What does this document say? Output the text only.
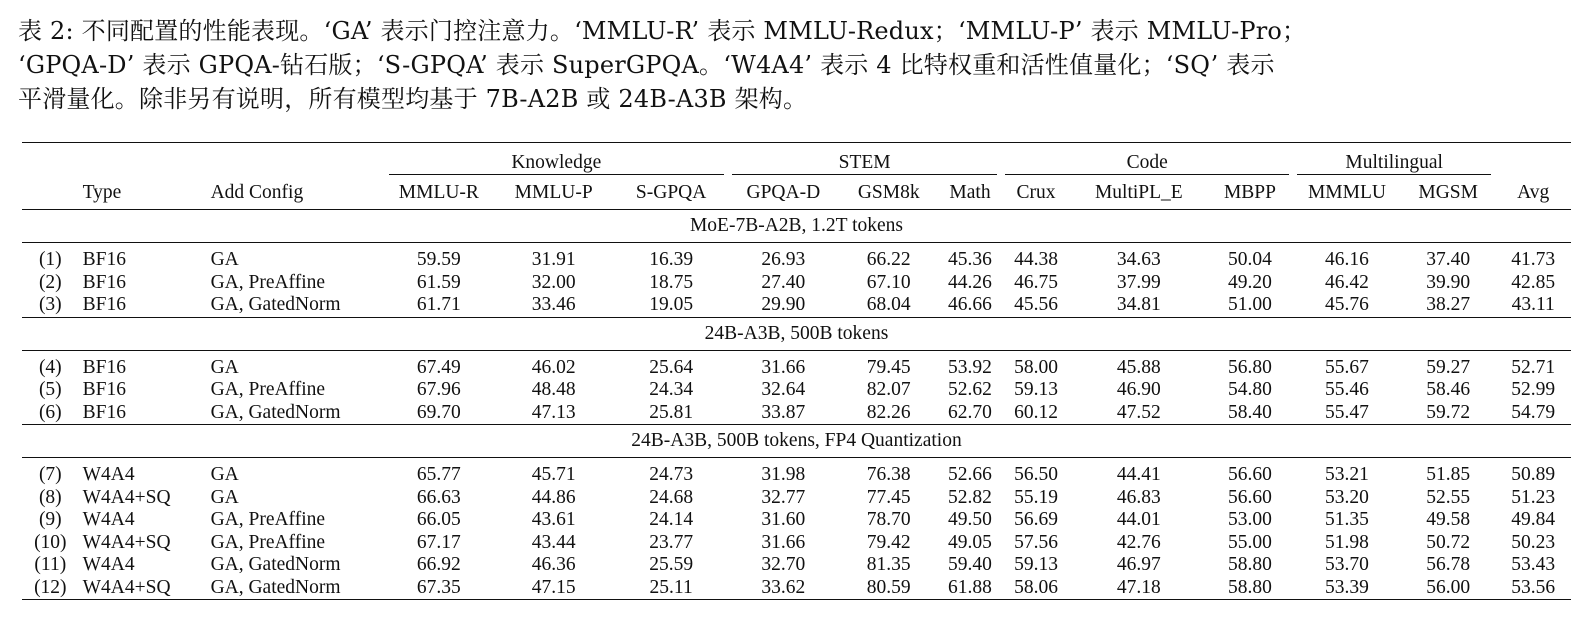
表 2: 不同配置的性能表现。‘GA’ 表示门控注意力。‘MMLU-R’ 表示 MMLU-Redux；‘MMLU-P’ 表示 MMLU-Pro；
‘GPQA-D’ 表示 GPQA-钻石版；‘S-GPQA’ 表示 SuperGPQA。‘W4A4’ 表示 4 比特权重和活性值量化；‘SQ’ 表示
平滑量化。除非另有说明，所有模型均基于 7B-A2B 或 24B-A3B 架构。

			Knowledge			STEM			Code			Multilingual		

	Type	Add Config	MMLU-R	MMLU-P	S-GPQA	GPQA-D	GSM8k	Math	Crux	MultiPL_E	MBPP	MMMLU	MGSM	Avg
MoE-7B-A2B, 1.2T tokens														
(1)	BF16	GA	59.59	31.91	16.39	26.93	66.22	45.36	44.38	34.63	50.04	46.16	37.40	41.73
(2)	BF16	GA, PreAffine	61.59	32.00	18.75	27.40	67.10	44.26	46.75	37.99	49.20	46.42	39.90	42.85
(3)	BF16	GA, GatedNorm	61.71	33.46	19.05	29.90	68.04	46.66	45.56	34.81	51.00	45.76	38.27	43.11
24B-A3B, 500B tokens														
(4)	BF16	GA	67.49	46.02	25.64	31.66	79.45	53.92	58.00	45.88	56.80	55.67	59.27	52.71
(5)	BF16	GA, PreAffine	67.96	48.48	24.34	32.64	82.07	52.62	59.13	46.90	54.80	55.46	58.46	52.99
(6)	BF16	GA, GatedNorm	69.70	47.13	25.81	33.87	82.26	62.70	60.12	47.52	58.40	55.47	59.72	54.79
24B-A3B, 500B tokens, FP4 Quantization														
(7)	W4A4	GA	65.77	45.71	24.73	31.98	76.38	52.66	56.50	44.41	56.60	53.21	51.85	50.89
(8)	W4A4+SQ	GA	66.63	44.86	24.68	32.77	77.45	52.82	55.19	46.83	56.60	53.20	52.55	51.23
(9)	W4A4	GA, PreAffine	66.05	43.61	24.14	31.60	78.70	49.50	56.69	44.01	53.00	51.35	49.58	49.84
(10)	W4A4+SQ	GA, PreAffine	67.17	43.44	23.77	31.66	79.42	49.05	57.56	42.76	55.00	51.98	50.72	50.23
(11)	W4A4	GA, GatedNorm	66.92	46.36	25.59	32.70	81.35	59.40	59.13	46.97	58.80	53.70	56.78	53.43
(12)	W4A4+SQ	GA, GatedNorm	67.35	47.15	25.11	33.62	80.59	61.88	58.06	47.18	58.80	53.39	56.00	53.56
